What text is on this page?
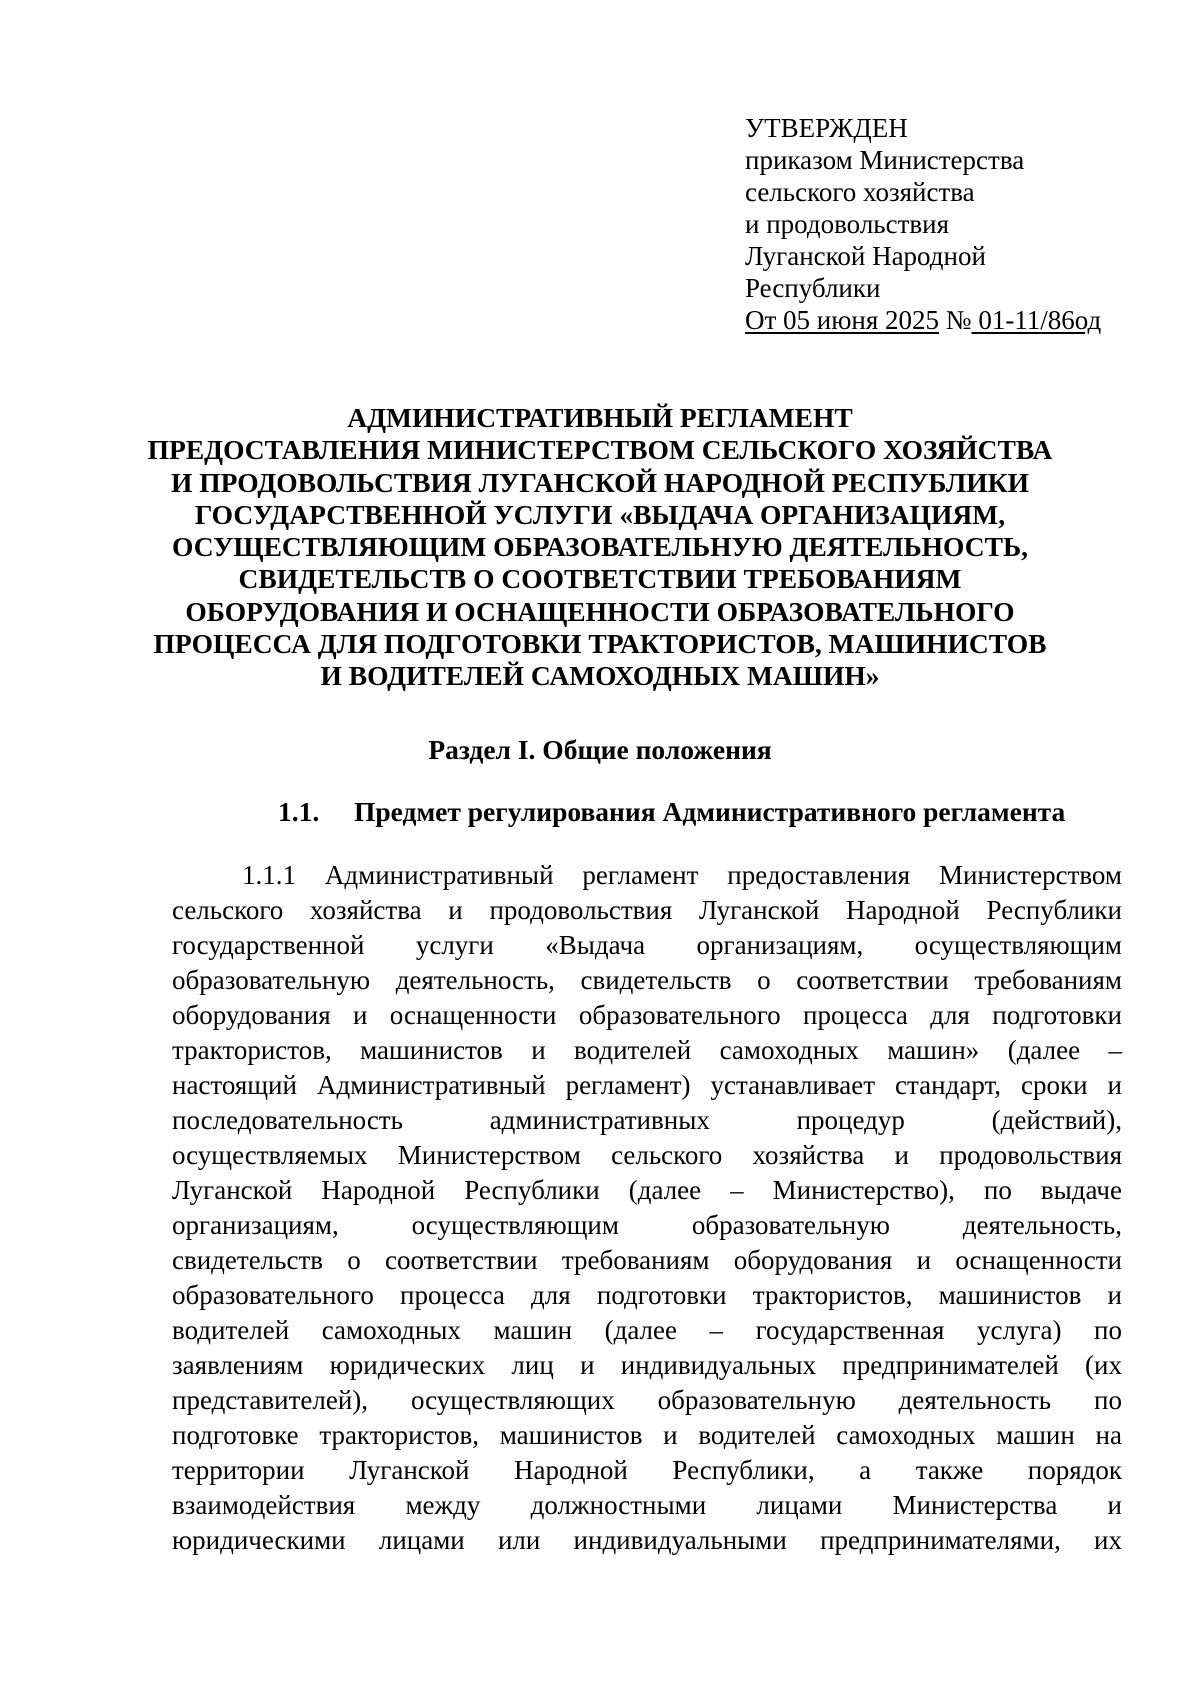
УТВЕРЖДЕН
приказом Министерства
сельского хозяйства
и продовольствия
Луганской Народной
Республики
От 05 июня 2025 № 01-11/86од
АДМИНИСТРАТИВНЫЙ РЕГЛАМЕНТ
ПРЕДОСТАВЛЕНИЯ МИНИСТЕРСТВОМ СЕЛЬСКОГО ХОЗЯЙСТВА
И ПРОДОВОЛЬСТВИЯ ЛУГАНСКОЙ НАРОДНОЙ РЕСПУБЛИКИ
ГОСУДАРСТВЕННОЙ УСЛУГИ «ВЫДАЧА ОРГАНИЗАЦИЯМ,
ОСУЩЕСТВЛЯЮЩИМ ОБРАЗОВАТЕЛЬНУЮ ДЕЯТЕЛЬНОСТЬ,
СВИДЕТЕЛЬСТВ О СООТВЕТСТВИИ ТРЕБОВАНИЯМ
ОБОРУДОВАНИЯ И ОСНАЩЕННОСТИ ОБРАЗОВАТЕЛЬНОГО
ПРОЦЕССА ДЛЯ ПОДГОТОВКИ ТРАКТОРИСТОВ, МАШИНИСТОВ
И ВОДИТЕЛЕЙ САМОХОДНЫХ МАШИН»
Раздел I. Общие положения
1.1. Предмет регулирования Административного регламента
1.1.1 Административный регламент предоставления Министерством
сельского хозяйства и продовольствия Луганской Народной Республики
государственной услуги «Выдача организациям, осуществляющим
образовательную деятельность, свидетельств о соответствии требованиям
оборудования и оснащенности образовательного процесса для подготовки
трактористов, машинистов и водителей самоходных машин» (далее –
настоящий Административный регламент) устанавливает стандарт, сроки и
последовательность административных процедур (действий),
осуществляемых Министерством сельского хозяйства и продовольствия
Луганской Народной Республики (далее – Министерство), по выдаче
организациям, осуществляющим образовательную деятельность,
свидетельств о соответствии требованиям оборудования и оснащенности
образовательного процесса для подготовки трактористов, машинистов и
водителей самоходных машин (далее – государственная услуга) по
заявлениям юридических лиц и индивидуальных предпринимателей (их
представителей), осуществляющих образовательную деятельность по
подготовке трактористов, машинистов и водителей самоходных машин на
территории Луганской Народной Республики, а также порядок
взаимодействия между должностными лицами Министерства и
юридическими лицами или индивидуальными предпринимателями, их
